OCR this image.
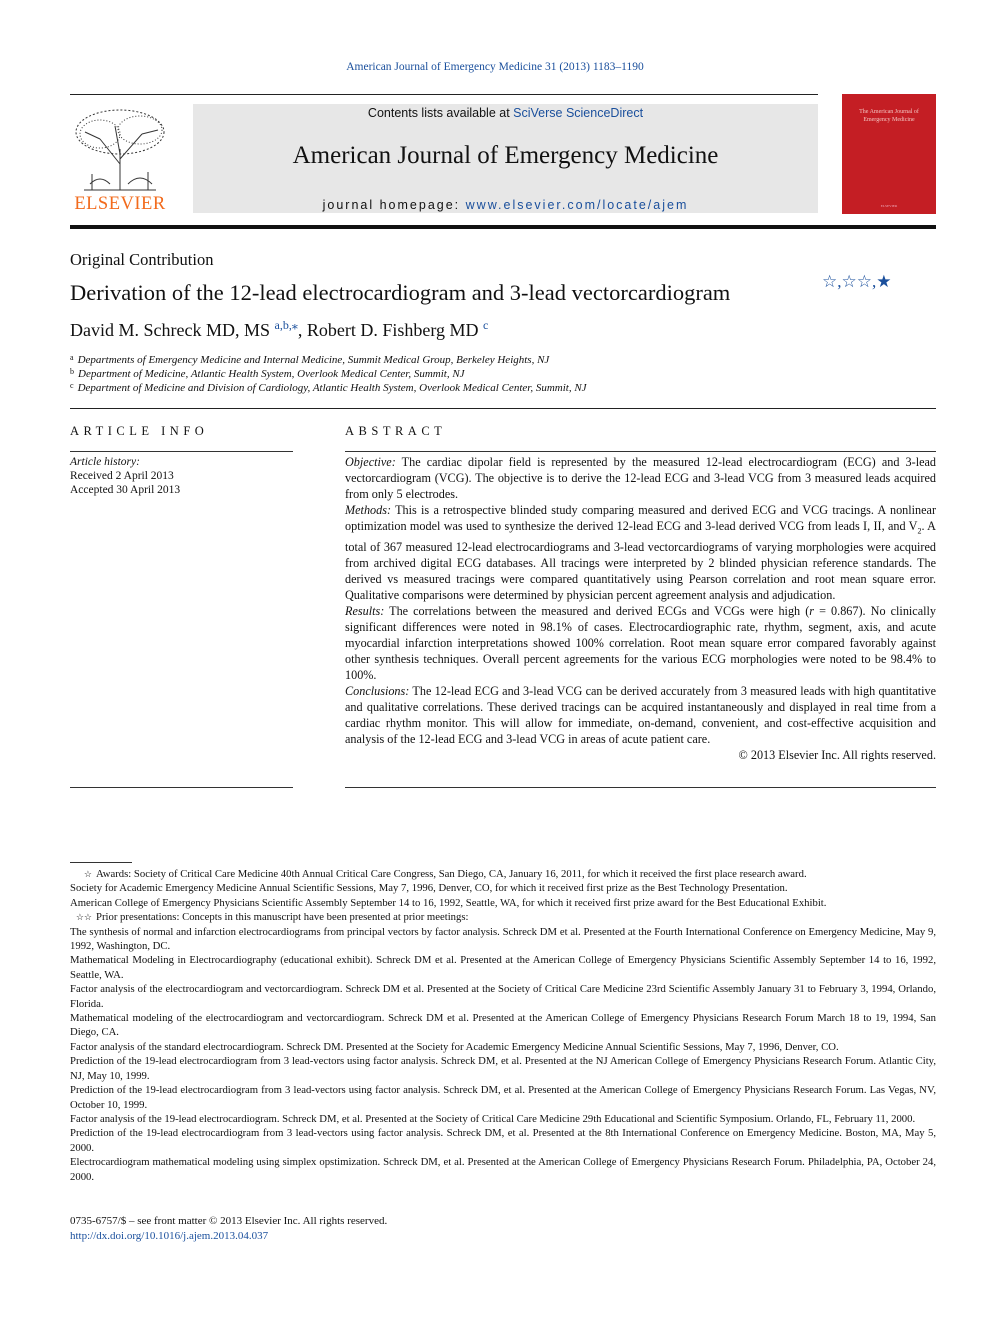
American Journal of Emergency Medicine 31 (2013) 1183–1190
ELSEVIER
Contents lists available at SciVerse ScienceDirect
American Journal of Emergency Medicine
journal homepage: www.elsevier.com/locate/ajem
The American Journal of Emergency Medicine
ELSEVIER
Original Contribution
Derivation of the 12-lead electrocardiogram and 3-lead vectorcardiogram	☆,☆☆,★
David M. Schreck MD, MS $^{a,b,⁎}$, Robert D. Fishberg MD $^c$
$^a$ Departments of Emergency Medicine and Internal Medicine, Summit Medical Group, Berkeley Heights, NJ
$^b$ Department of Medicine, Atlantic Health System, Overlook Medical Center, Summit, NJ
$^c$ Department of Medicine and Division of Cardiology, Atlantic Health System, Overlook Medical Center, Summit, NJ
ARTICLE INFO
Article history:
Received 2 April 2013
Accepted 30 April 2013
ABSTRACT

Objective: The cardiac dipolar field is represented by the measured 12-lead electrocardiogram (ECG) and 3-lead vectorcardiogram (VCG). The objective is to derive the 12-lead ECG and 3-lead VCG from 3 measured leads acquired from only 5 electrodes.

Methods: This is a retrospective blinded study comparing measured and derived ECG and VCG tracings. A nonlinear optimization model was used to synthesize the derived 12-lead ECG and 3-lead derived VCG from leads I, II, and $V_2$. A total of 367 measured 12-lead electrocardiograms and 3-lead vectorcardiograms of varying morphologies were acquired from archived digital ECG databases. All tracings were interpreted by 2 blinded physician reference standards. The derived vs measured tracings were compared quantitatively using Pearson correlation and root mean square error. Qualitative comparisons were determined by physician percent agreement analysis and adjudication.

Results: The correlations between the measured and derived ECGs and VCGs were high (r = 0.867). No clinically significant differences were noted in 98.1% of cases. Electrocardiographic rate, rhythm, segment, axis, and acute myocardial infarction interpretations showed 100% correlation. Root mean square error compared favorably against other synthesis techniques. Overall percent agreements for the various ECG morphologies were noted to be 98.4% to 100%.

Conclusions: The 12-lead ECG and 3-lead VCG can be derived accurately from 3 measured leads with high quantitative and qualitative correlations. These derived tracings can be acquired instantaneously and displayed in real time from a cardiac rhythm monitor. This will allow for immediate, on-demand, convenient, and cost-effective acquisition and analysis of the 12-lead ECG and 3-lead VCG in areas of acute patient care.

© 2013 Elsevier Inc. All rights reserved.

☆ Awards: Society of Critical Care Medicine 40th Annual Critical Care Congress, San Diego, CA, January 16, 2011, for which it received the first place research award.

Society for Academic Emergency Medicine Annual Scientific Sessions, May 7, 1996, Denver, CO, for which it received first prize as the Best Technology Presentation.

American College of Emergency Physicians Scientific Assembly September 14 to 16, 1992, Seattle, WA, for which it received first prize award for the Best Educational Exhibit.

☆☆ Prior presentations: Concepts in this manuscript have been presented at prior meetings:

The synthesis of normal and infarction electrocardiograms from principal vectors by factor analysis. Schreck DM et al. Presented at the Fourth International Conference on Emergency Medicine, May 9, 1992, Washington, DC.

Mathematical Modeling in Electrocardiography (educational exhibit). Schreck DM et al. Presented at the American College of Emergency Physicians Scientific Assembly September 14 to 16, 1992, Seattle, WA.

Factor analysis of the electrocardiogram and vectorcardiogram. Schreck DM et al. Presented at the Society of Critical Care Medicine 23rd Scientific Assembly January 31 to February 3, 1994, Orlando, Florida.

Mathematical modeling of the electrocardiogram and vectorcardiogram. Schreck DM et al. Presented at the American College of Emergency Physicians Research Forum March 18 to 19, 1994, San Diego, CA.

Factor analysis of the standard electrocardiogram. Schreck DM. Presented at the Society for Academic Emergency Medicine Annual Scientific Sessions, May 7, 1996, Denver, CO.

Prediction of the 19-lead electrocardiogram from 3 lead-vectors using factor analysis. Schreck DM, et al. Presented at the NJ American College of Emergency Physicians Research Forum. Atlantic City, NJ, May 10, 1999.

Prediction of the 19-lead electrocardiogram from 3 lead-vectors using factor analysis. Schreck DM, et al. Presented at the American College of Emergency Physicians Research Forum. Las Vegas, NV, October 10, 1999.

Factor analysis of the 19-lead electrocardiogram. Schreck DM, et al. Presented at the Society of Critical Care Medicine 29th Educational and Scientific Symposium. Orlando, FL, February 11, 2000.

Prediction of the 19-lead electrocardiogram from 3 lead-vectors using factor analysis. Schreck DM, et al. Presented at the 8th International Conference on Emergency Medicine. Boston, MA, May 5, 2000.

Electrocardiogram mathematical modeling using simplex opstimization. Schreck DM, et al. Presented at the American College of Emergency Physicians Research Forum. Philadelphia, PA, October 24, 2000.

0735-6757/$ – see front matter © 2013 Elsevier Inc. All rights reserved.
http://dx.doi.org/10.1016/j.ajem.2013.04.037
